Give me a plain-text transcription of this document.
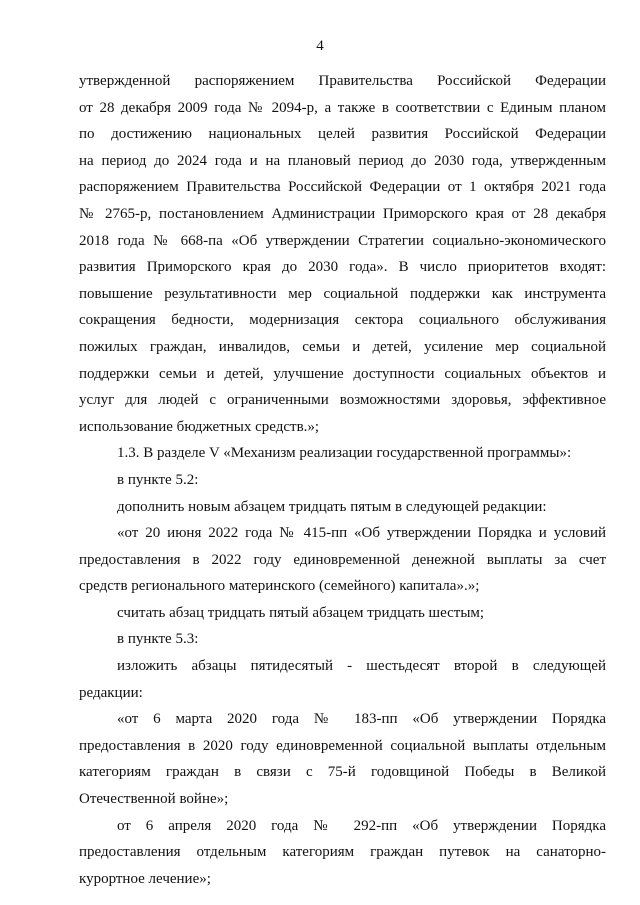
4
утвержденной распоряжением Правительства Российской Федерации
от 28 декабря 2009 года № 2094-р, а также в соответствии с Единым планом
по достижению национальных целей развития Российской Федерации
на период до 2024 года и на плановый период до 2030 года, утвержденным
распоряжением Правительства Российской Федерации от 1 октября 2021 года
№ 2765-р, постановлением Администрации Приморского края от 28 декабря
2018 года № 668-па «Об утверждении Стратегии социально-экономического
развития Приморского края до 2030 года». В число приоритетов входят:
повышение результативности мер социальной поддержки как инструмента
сокращения бедности, модернизация сектора социального обслуживания
пожилых граждан, инвалидов, семьи и детей, усиление мер социальной
поддержки семьи и детей, улучшение доступности социальных объектов и
услуг для людей с ограниченными возможностями здоровья, эффективное
использование бюджетных средств.»;
1.3. В разделе V «Механизм реализации государственной программы»:
в пункте 5.2:
дополнить новым абзацем тридцать пятым в следующей редакции:
«от 20 июня 2022 года № 415-пп «Об утверждении Порядка и условий
предоставления в 2022 году единовременной денежной выплаты за счет
средств регионального материнского (семейного) капитала».»;
считать абзац тридцать пятый абзацем тридцать шестым;
в пункте 5.3:
изложить абзацы пятидесятый - шестьдесят второй в следующей
редакции:
«от 6 марта 2020 года № 183-пп «Об утверждении Порядка
предоставления в 2020 году единовременной социальной выплаты отдельным
категориям граждан в связи с 75-й годовщиной Победы в Великой
Отечественной войне»;
от 6 апреля 2020 года № 292-пп «Об утверждении Порядка
предоставления отдельным категориям граждан путевок на санаторно-
курортное лечение»;
